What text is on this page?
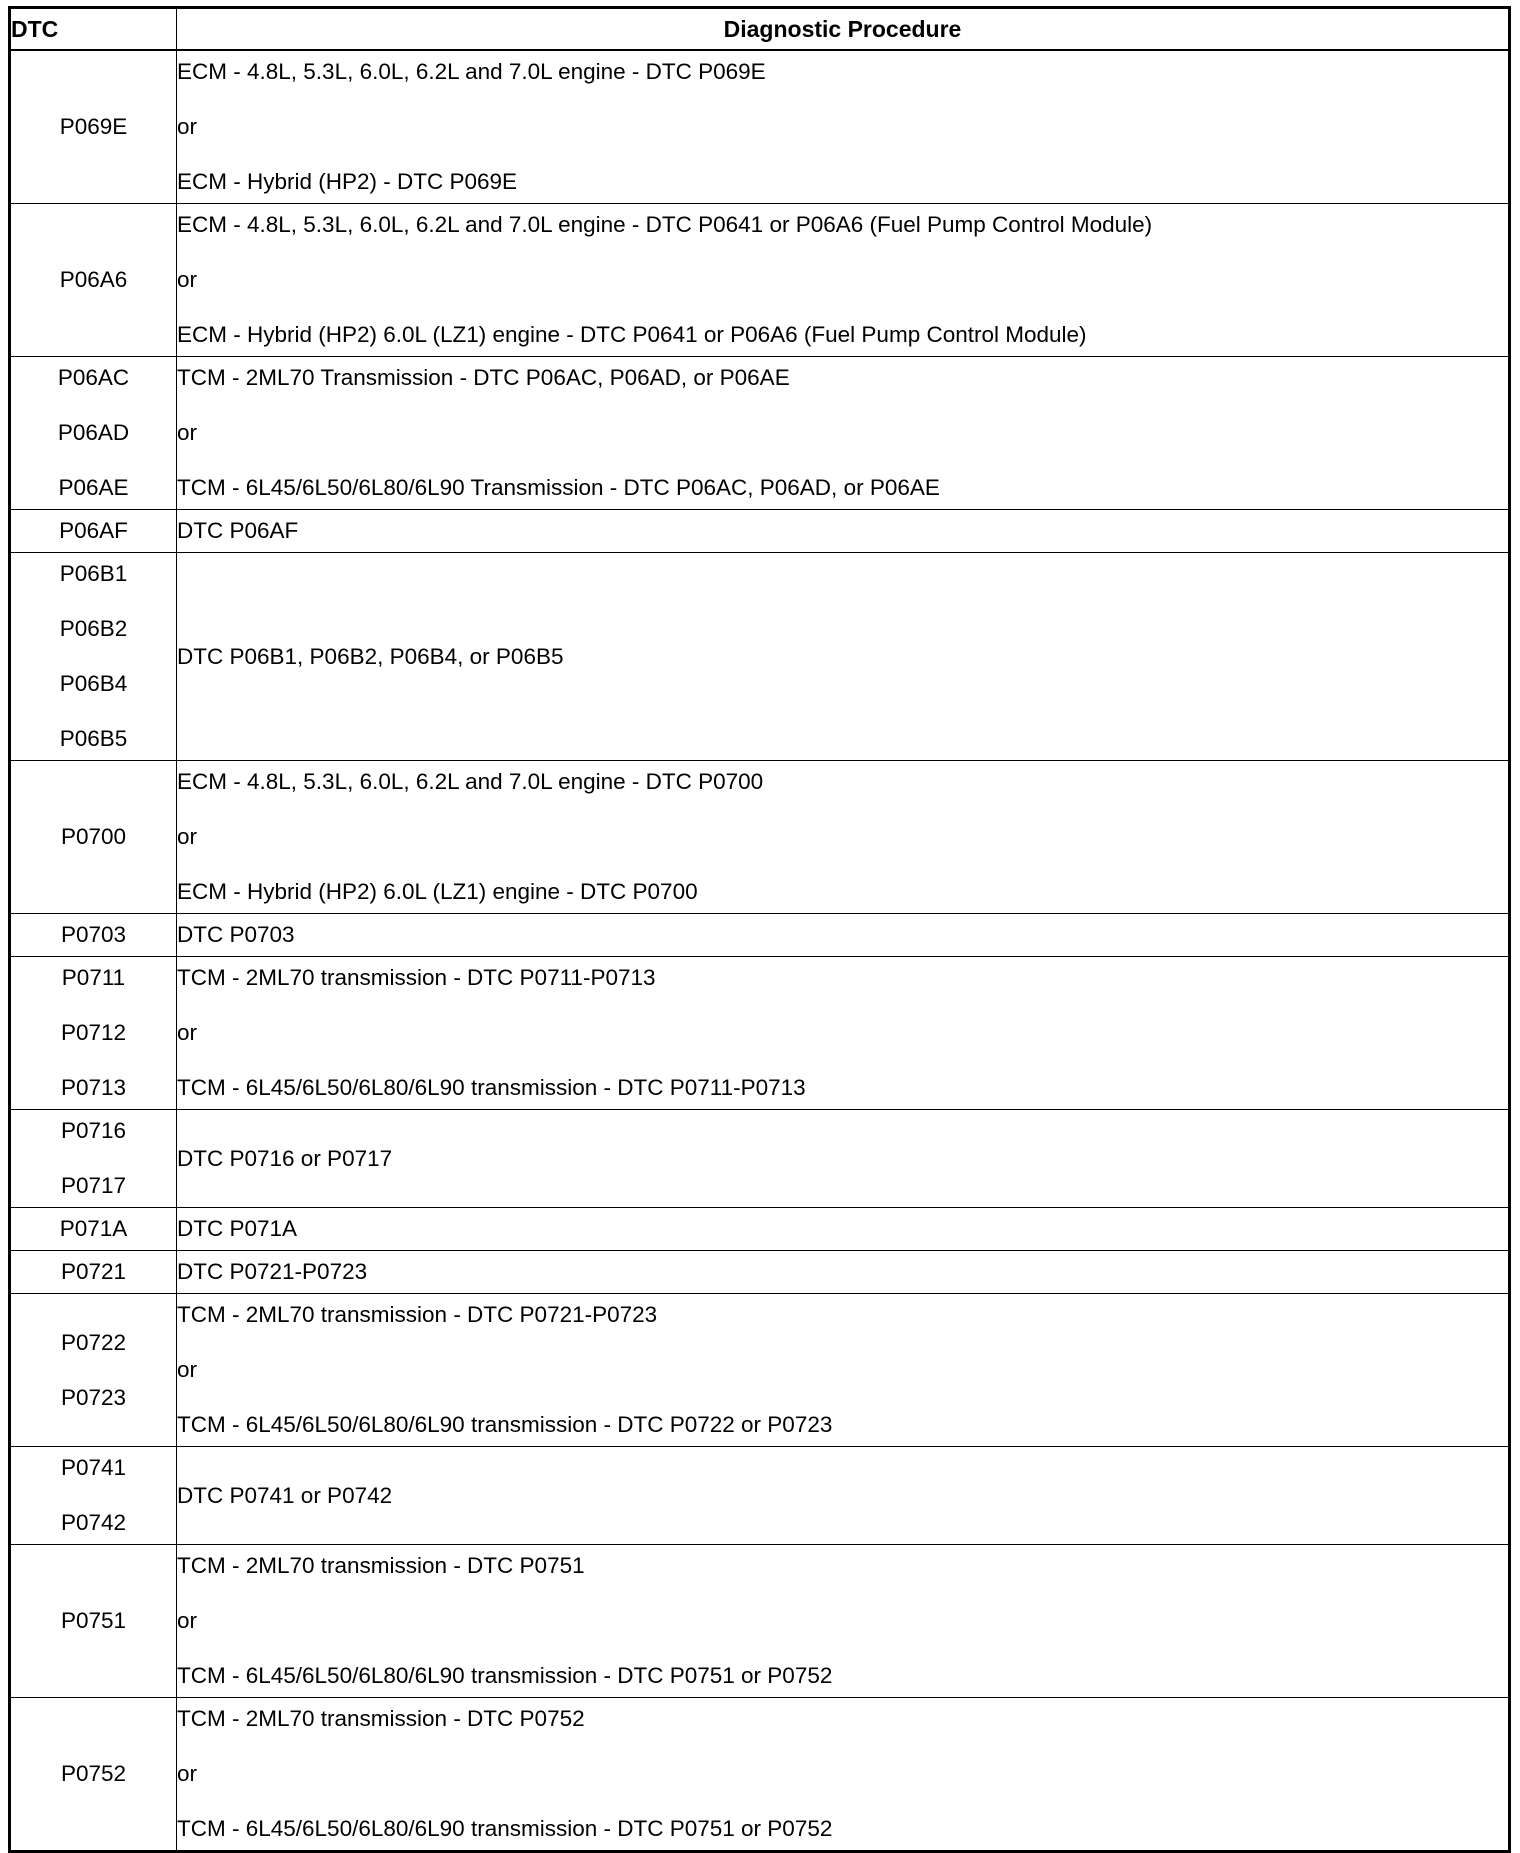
DTC	Diagnostic Procedure

P069E	ECM - 4.8L, 5.3L, 6.0L, 6.2L and 7.0L engine - DTC P069E
or
ECM - Hybrid (HP2) - DTC P069E

P06A6	ECM - 4.8L, 5.3L, 6.0L, 6.2L and 7.0L engine - DTC P0641 or P06A6 (Fuel Pump Control Module)
or
ECM - Hybrid (HP2) 6.0L (LZ1) engine - DTC P0641 or P06A6 (Fuel Pump Control Module)

P06AC
P06AD
P06AE	TCM - 2ML70 Transmission - DTC P06AC, P06AD, or P06AE
or
TCM - 6L45/6L50/6L80/6L90 Transmission - DTC P06AC, P06AD, or P06AE

P06AF	DTC P06AF

P06B1
P06B2
P06B4
P06B5	DTC P06B1, P06B2, P06B4, or P06B5

P0700	ECM - 4.8L, 5.3L, 6.0L, 6.2L and 7.0L engine - DTC P0700
or
ECM - Hybrid (HP2) 6.0L (LZ1) engine - DTC P0700

P0703	DTC P0703

P0711
P0712
P0713	TCM - 2ML70 transmission - DTC P0711-P0713
or
TCM - 6L45/6L50/6L80/6L90 transmission - DTC P0711-P0713

P0716
P0717	DTC P0716 or P0717

P071A	DTC P071A

P0721	DTC P0721-P0723

P0722
P0723	TCM - 2ML70 transmission - DTC P0721-P0723
or
TCM - 6L45/6L50/6L80/6L90 transmission - DTC P0722 or P0723

P0741
P0742	DTC P0741 or P0742

P0751	TCM - 2ML70 transmission - DTC P0751
or
TCM - 6L45/6L50/6L80/6L90 transmission - DTC P0751 or P0752

P0752	TCM - 2ML70 transmission - DTC P0752
or
TCM - 6L45/6L50/6L80/6L90 transmission - DTC P0751 or P0752
